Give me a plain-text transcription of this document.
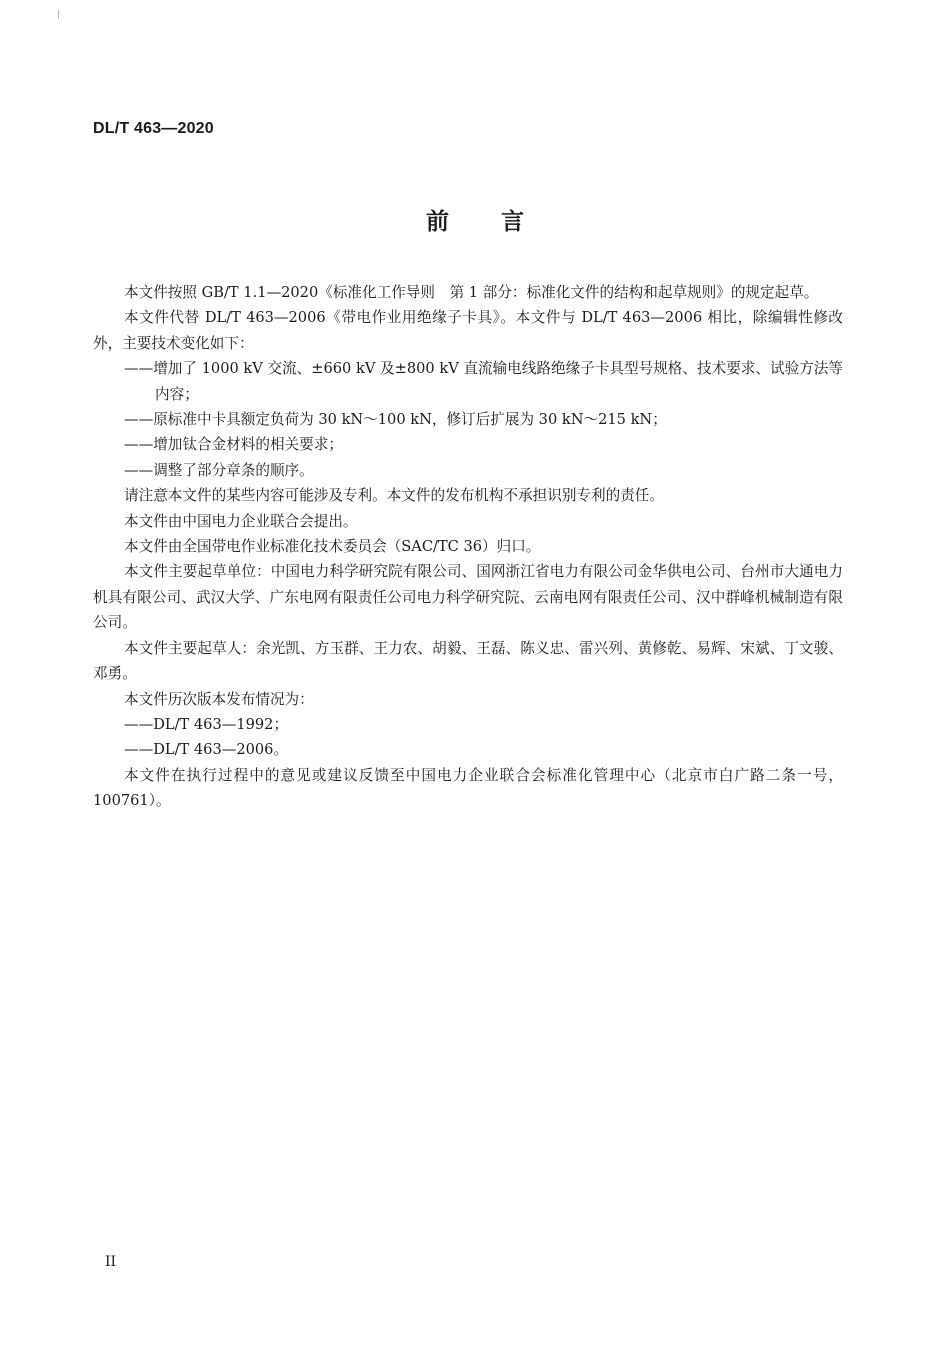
DL/T 463—2020
前言

本文件按照 GB/T 1.1—2020《标准化工作导则　第 1 部分：标准化文件的结构和起草规则》的规定起草。

本文件代替 DL/T 463—2006《带电作业用绝缘子卡具》。本文件与 DL/T 463—2006 相比，除编辑性修改外，主要技术变化如下：

——增加了 1000 kV 交流、±660 kV 及±800 kV 直流输电线路绝缘子卡具型号规格、技术要求、试验方法等内容；

——原标准中卡具额定负荷为 30 kN～100 kN，修订后扩展为 30 kN～215 kN；

——增加钛合金材料的相关要求；

——调整了部分章条的顺序。

请注意本文件的某些内容可能涉及专利。本文件的发布机构不承担识别专利的责任。

本文件由中国电力企业联合会提出。

本文件由全国带电作业标准化技术委员会（SAC/TC 36）归口。

本文件主要起草单位：中国电力科学研究院有限公司、国网浙江省电力有限公司金华供电公司、台州市大通电力机具有限公司、武汉大学、广东电网有限责任公司电力科学研究院、云南电网有限责任公司、汉中群峰机械制造有限公司。

本文件主要起草人：余光凯、方玉群、王力农、胡毅、王磊、陈义忠、雷兴列、黄修乾、易辉、宋斌、丁文骏、邓勇。

本文件历次版本发布情况为：

——DL/T 463—1992；

——DL/T 463—2006。

本文件在执行过程中的意见或建议反馈至中国电力企业联合会标准化管理中心（北京市白广路二条一号，100761）。

II
